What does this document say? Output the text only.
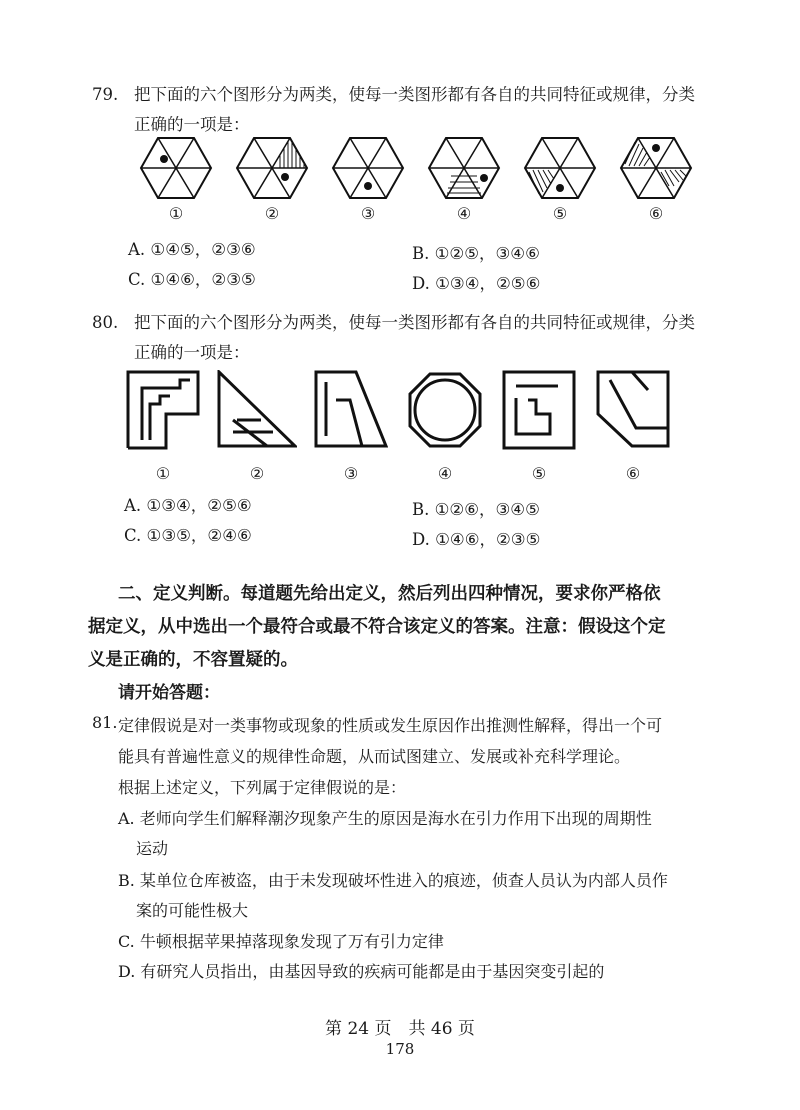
79. 把下面的六个图形分为两类，使每一类图形都有各自的共同特征或规律，分类
正确的一项是：
①	②	③	④	⑤	⑥
A. ①④⑤，②③⑥	B. ①②⑤，③④⑥
C. ①④⑥，②③⑤	D. ①③④，②⑤⑥
80. 把下面的六个图形分为两类，使每一类图形都有各自的共同特征或规律，分类
正确的一项是：
①	②	③	④	⑤	⑥
A. ①③④，②⑤⑥	B. ①②⑥，③④⑤
C. ①③⑤，②④⑥	D. ①④⑥，②③⑤
二、定义判断。每道题先给出定义，然后列出四种情况，要求你严格依
据定义，从中选出一个最符合或最不符合该定义的答案。注意：假设这个定
义是正确的，不容置疑的。
请开始答题：
81. 定律假说是对一类事物或现象的性质或发生原因作出推测性解释，得出一个可
能具有普遍性意义的规律性命题，从而试图建立、发展或补充科学理论。
根据上述定义，下列属于定律假说的是：
A. 老师向学生们解释潮汐现象产生的原因是海水在引力作用下出现的周期性
运动
B. 某单位仓库被盗，由于未发现破坏性进入的痕迹，侦查人员认为内部人员作
案的可能性极大
C. 牛顿根据苹果掉落现象发现了万有引力定律
D. 有研究人员指出，由基因导致的疾病可能都是由于基因突变引起的
第 24 页　共 46 页
178
